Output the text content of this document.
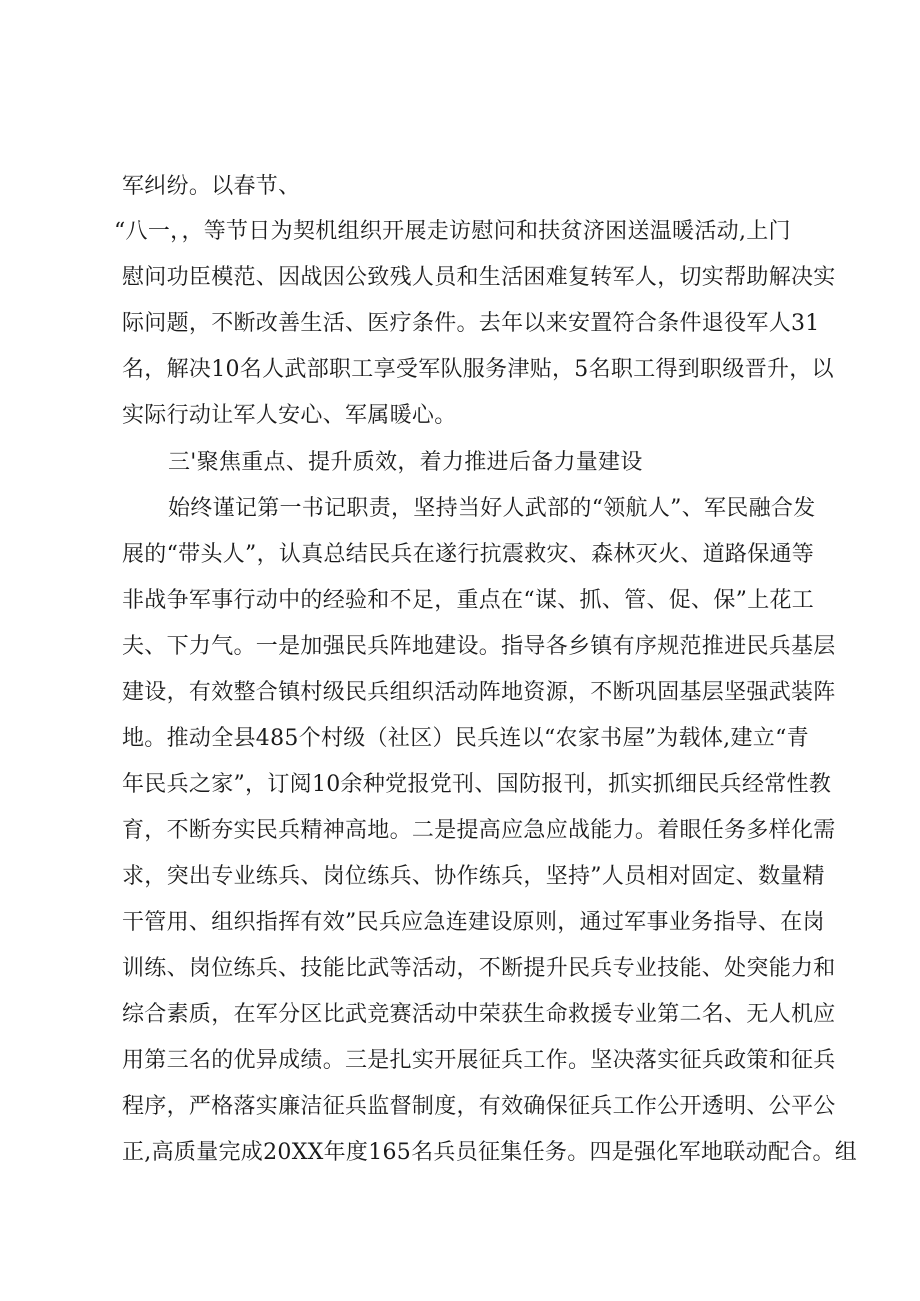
军纠纷。以春节、
“八一，，等节日为契机组织开展走访慰问和扶贫济困送温暖活动,上门
慰问功臣模范、因战因公致残人员和生活困难复转军人，切实帮助解决实
际问题，不断改善生活、医疗条件。去年以来安置符合条件退役军人31
名，解决10名人武部职工享受军队服务津贴，5名职工得到职级晋升，以
实际行动让军人安心、军属暖心。
三'聚焦重点、提升质效，着力推进后备力量建设
始终谨记第一书记职责，坚持当好人武部的“领航人”、军民融合发
展的“带头人”，认真总结民兵在遂行抗震救灾、森林灭火、道路保通等
非战争军事行动中的经验和不足，重点在“谋、抓、管、促、保”上花工
夫、下力气。一是加强民兵阵地建设。指导各乡镇有序规范推进民兵基层
建设，有效整合镇村级民兵组织活动阵地资源，不断巩固基层坚强武装阵
地。推动全县485个村级（社区）民兵连以“农家书屋”为载体,建立“青
年民兵之家”，订阅10余种党报党刊、国防报刊，抓实抓细民兵经常性教
育，不断夯实民兵精神高地。二是提高应急应战能力。着眼任务多样化需
求，突出专业练兵、岗位练兵、协作练兵，坚持”人员相对固定、数量精
干管用、组织指挥有效”民兵应急连建设原则，通过军事业务指导、在岗
训练、岗位练兵、技能比武等活动，不断提升民兵专业技能、处突能力和
综合素质，在军分区比武竞赛活动中荣获生命救援专业第二名、无人机应
用第三名的优异成绩。三是扎实开展征兵工作。坚决落实征兵政策和征兵
程序，严格落实廉洁征兵监督制度，有效确保征兵工作公开透明、公平公
正,高质量完成20XX年度165名兵员征集任务。四是强化军地联动配合。组
